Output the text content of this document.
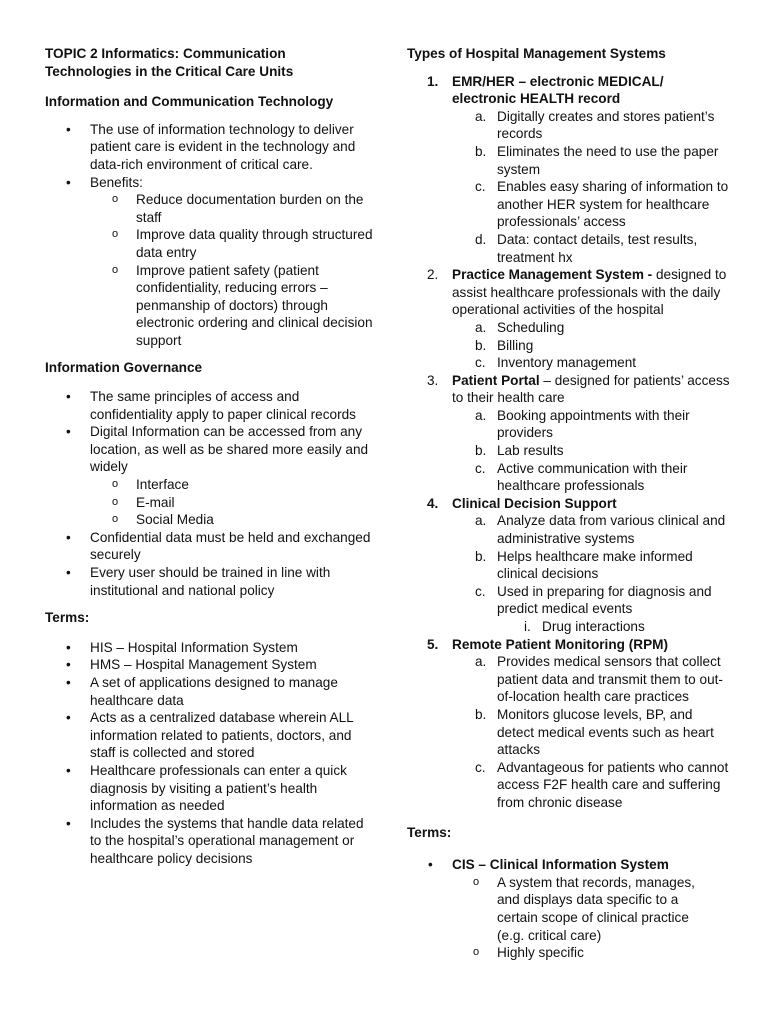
TOPIC 2 Informatics: Communication Technologies in the Critical Care Units
Information and Communication Technology
• The use of information technology to deliver patient care is evident in the technology and data-rich environment of critical care.
• Benefits:
o Reduce documentation burden on the staff
o Improve data quality through structured data entry
o Improve patient safety (patient confidentiality, reducing errors – penmanship of doctors) through electronic ordering and clinical decision support
Information Governance
• The same principles of access and confidentiality apply to paper clinical records
• Digital Information can be accessed from any location, as well as be shared more easily and widely
o Interface
o E-mail
o Social Media
• Confidential data must be held and exchanged securely
• Every user should be trained in line with institutional and national policy
Terms:
• HIS – Hospital Information System
• HMS – Hospital Management System
• A set of applications designed to manage healthcare data
• Acts as a centralized database wherein ALL information related to patients, doctors, and staff is collected and stored
• Healthcare professionals can enter a quick diagnosis by visiting a patient’s health information as needed
• Includes the systems that handle data related to the hospital’s operational management or healthcare policy decisions
Types of Hospital Management Systems
1.	EMR/HER – electronic MEDICAL/ electronic HEALTH record
a. Digitally creates and stores patient’s records
b. Eliminates the need to use the paper system
c. Enables easy sharing of information to another HER system for healthcare professionals’ access
d. Data: contact details, test results, treatment hx
2.	Practice Management System - designed to assist healthcare professionals with the daily operational activities of the hospital
a. Scheduling
b. Billing
c. Inventory management
3.	Patient Portal – designed for patients’ access to their health care
a. Booking appointments with their providers
b. Lab results
c. Active communication with their healthcare professionals
4.	Clinical Decision Support
a. Analyze data from various clinical and administrative systems
b. Helps healthcare make informed clinical decisions
c. Used in preparing for diagnosis and predict medical events
i. Drug interactions
5.	Remote Patient Monitoring (RPM)
a. Provides medical sensors that collect patient data and transmit them to out-of-location health care practices
b. Monitors glucose levels, BP, and detect medical events such as heart attacks
c. Advantageous for patients who cannot access F2F health care and suffering from chronic disease
Terms:
• CIS – Clinical Information System
o A system that records, manages, and displays data specific to a certain scope of clinical practice (e.g. critical care)
o Highly specific
